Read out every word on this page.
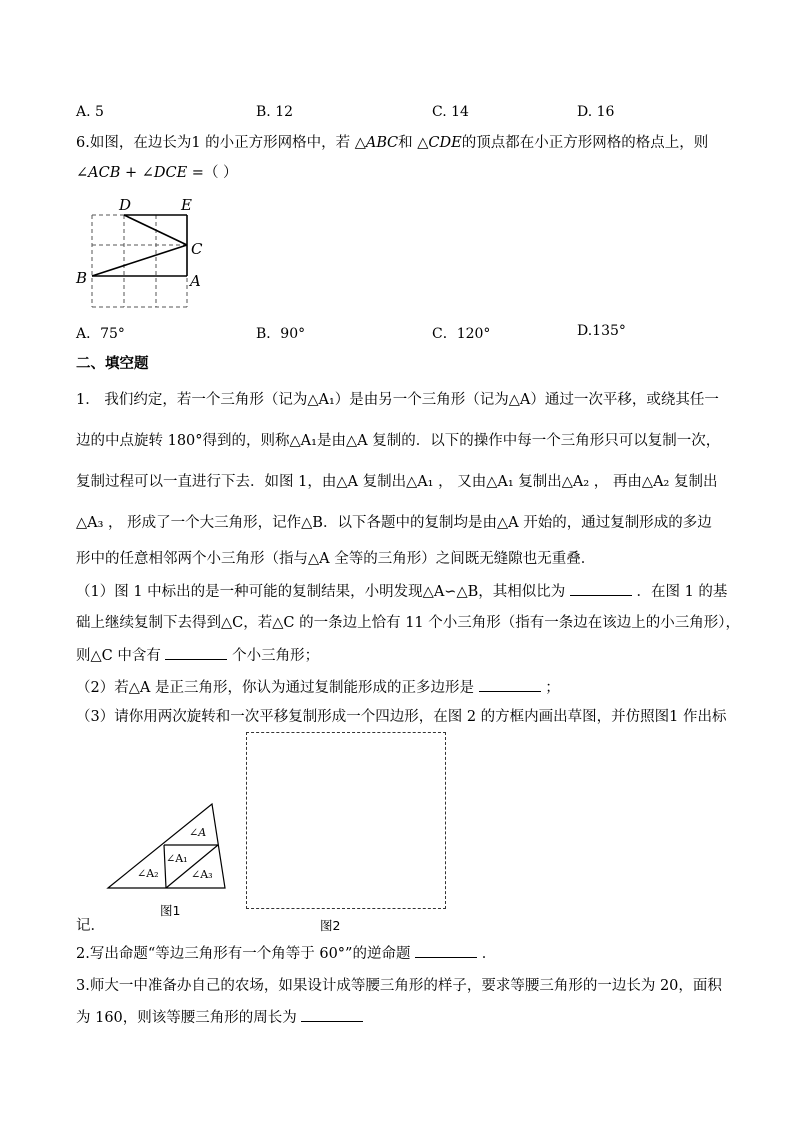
A. 5	B. 12	C. 14	D. 16
6.如图，在边长为1 的小正方形网格中，若 △𝐴𝐵𝐶和 △𝐶𝐷𝐸的顶点都在小正方形网格的格点上，则
∠𝐴𝐶𝐵 + ∠𝐷𝐶𝐸 =（ ）
D	E
C
B	A
A．75°	B．90°	C．120°	D.135°
二、填空题
1． 我们约定，若一个三角形（记为△A₁）是由另一个三角形（记为△A）通过一次平移，或绕其任一
边的中点旋转 180°得到的，则称△A₁是由△A 复制的．以下的操作中每一个三角形只可以复制一次，
复制过程可以一直进行下去．如图 1，由△A 复制出△A₁ ， 又由△A₁ 复制出△A₂ ， 再由△A₂ 复制出
△A₃ ， 形成了一个大三角形，记作△B．以下各题中的复制均是由△A 开始的，通过复制形成的多边
形中的任意相邻两个小三角形（指与△A 全等的三角形）之间既无缝隙也无重叠．
（1）图 1 中标出的是一种可能的复制结果，小明发现△A∽△B，其相似比为	．在图 1 的基
础上继续复制下去得到△C，若△C 的一条边上恰有 11 个小三角形（指有一条边在该边上的小三角形），
则△C 中含有	个小三角形；
（2）若△A 是正三角形，你认为通过复制能形成的正多边形是	；
（3）请你用两次旋转和一次平移复制形成一个四边形，在图 2 的方框内画出草图，并仿照图1 作出标
∠A
∠A₁
∠A₂	∠A₃
图1
图2
记．
2.写出命题“等边三角形有一个角等于 60°”的逆命题	．
3.师大一中准备办自己的农场，如果设计成等腰三角形的样子，要求等腰三角形的一边长为 20，面积
为 160，则该等腰三角形的周长为
